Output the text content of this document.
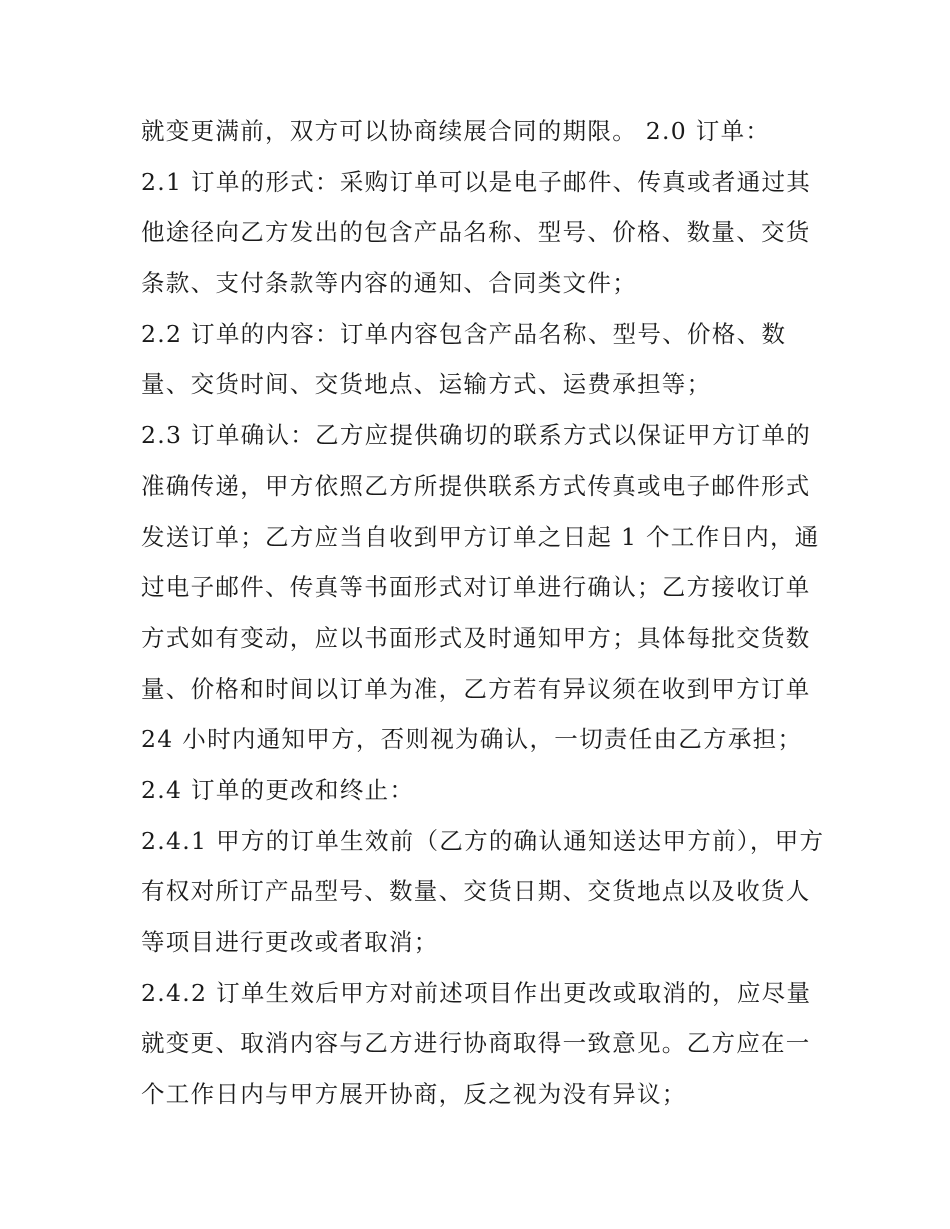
就变更满前，双方可以协商续展合同的期限。 2.0 订单：

2.1 订单的形式：采购订单可以是电子邮件、传真或者通过其

他途径向乙方发出的包含产品名称、型号、价格、数量、交货

条款、支付条款等内容的通知、合同类文件；

2.2 订单的内容：订单内容包含产品名称、型号、价格、数

量、交货时间、交货地点、运输方式、运费承担等；

2.3 订单确认：乙方应提供确切的联系方式以保证甲方订单的

准确传递，甲方依照乙方所提供联系方式传真或电子邮件形式

发送订单；乙方应当自收到甲方订单之日起 1 个工作日内，通

过电子邮件、传真等书面形式对订单进行确认；乙方接收订单

方式如有变动，应以书面形式及时通知甲方；具体每批交货数

量、价格和时间以订单为准，乙方若有异议须在收到甲方订单

24 小时内通知甲方，否则视为确认，一切责任由乙方承担；

2.4 订单的更改和终止：

2.4.1 甲方的订单生效前（乙方的确认通知送达甲方前），甲方

有权对所订产品型号、数量、交货日期、交货地点以及收货人

等项目进行更改或者取消；

2.4.2 订单生效后甲方对前述项目作出更改或取消的，应尽量

就变更、取消内容与乙方进行协商取得一致意见。乙方应在一

个工作日内与甲方展开协商，反之视为没有异议；
